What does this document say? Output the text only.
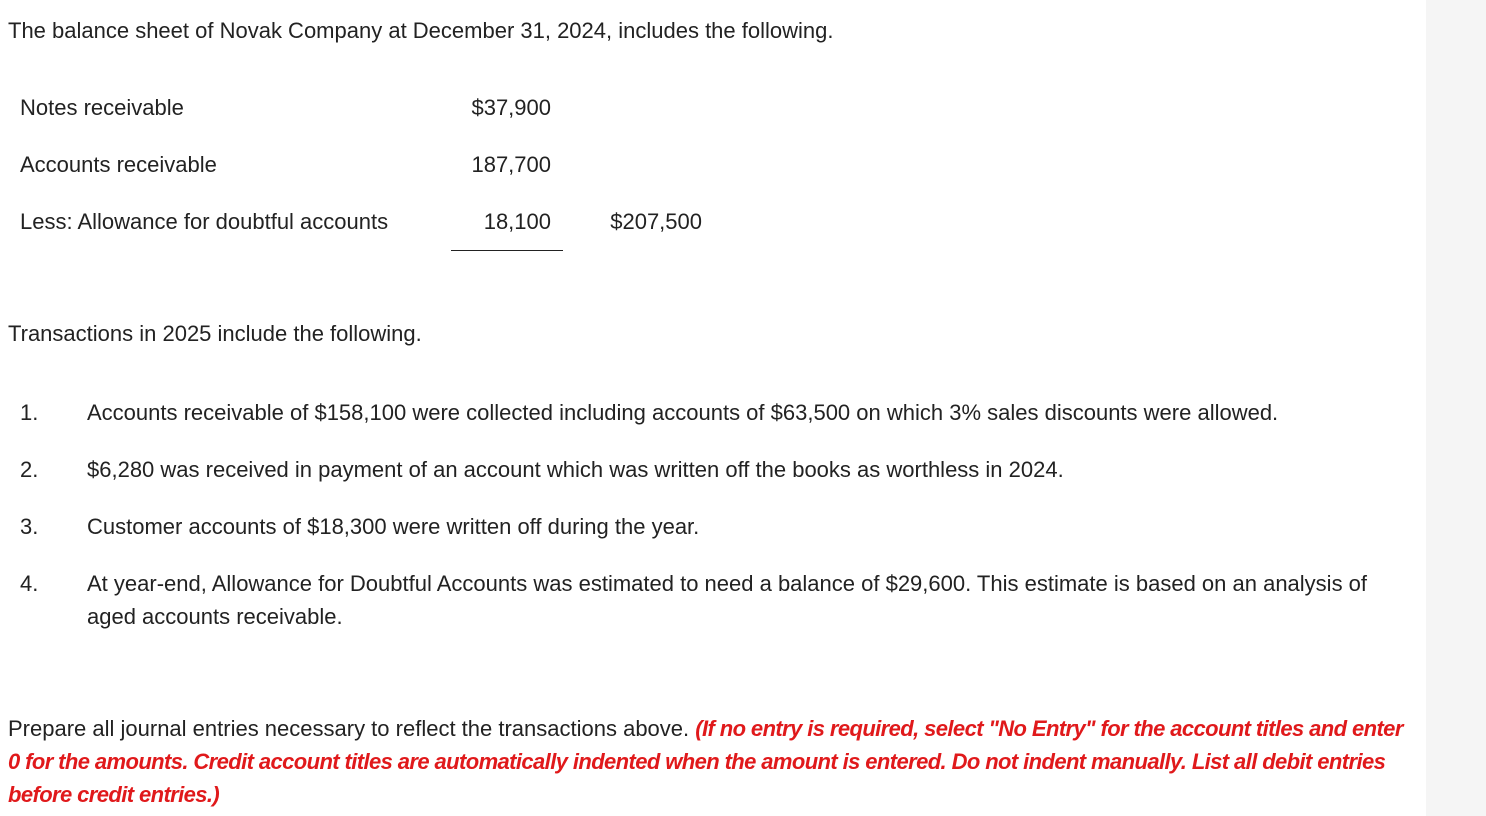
The balance sheet of Novak Company at December 31, 2024, includes the following.
Notes receivable	$37,900
Accounts receivable	187,700
Less: Allowance for doubtful accounts	18,100	$207,500
Transactions in 2025 include the following.
1. Accounts receivable of $158,100 were collected including accounts of $63,500 on which 3% sales discounts were allowed.
2. $6,280 was received in payment of an account which was written off the books as worthless in 2024.
3. Customer accounts of $18,300 were written off during the year.
4. At year-end, Allowance for Doubtful Accounts was estimated to need a balance of $29,600. This estimate is based on an analysis of aged accounts receivable.
Prepare all journal entries necessary to reflect the transactions above. (If no entry is required, select "No Entry" for the account titles and enter 0 for the amounts. Credit account titles are automatically indented when the amount is entered. Do not indent manually. List all debit entries before credit entries.)
